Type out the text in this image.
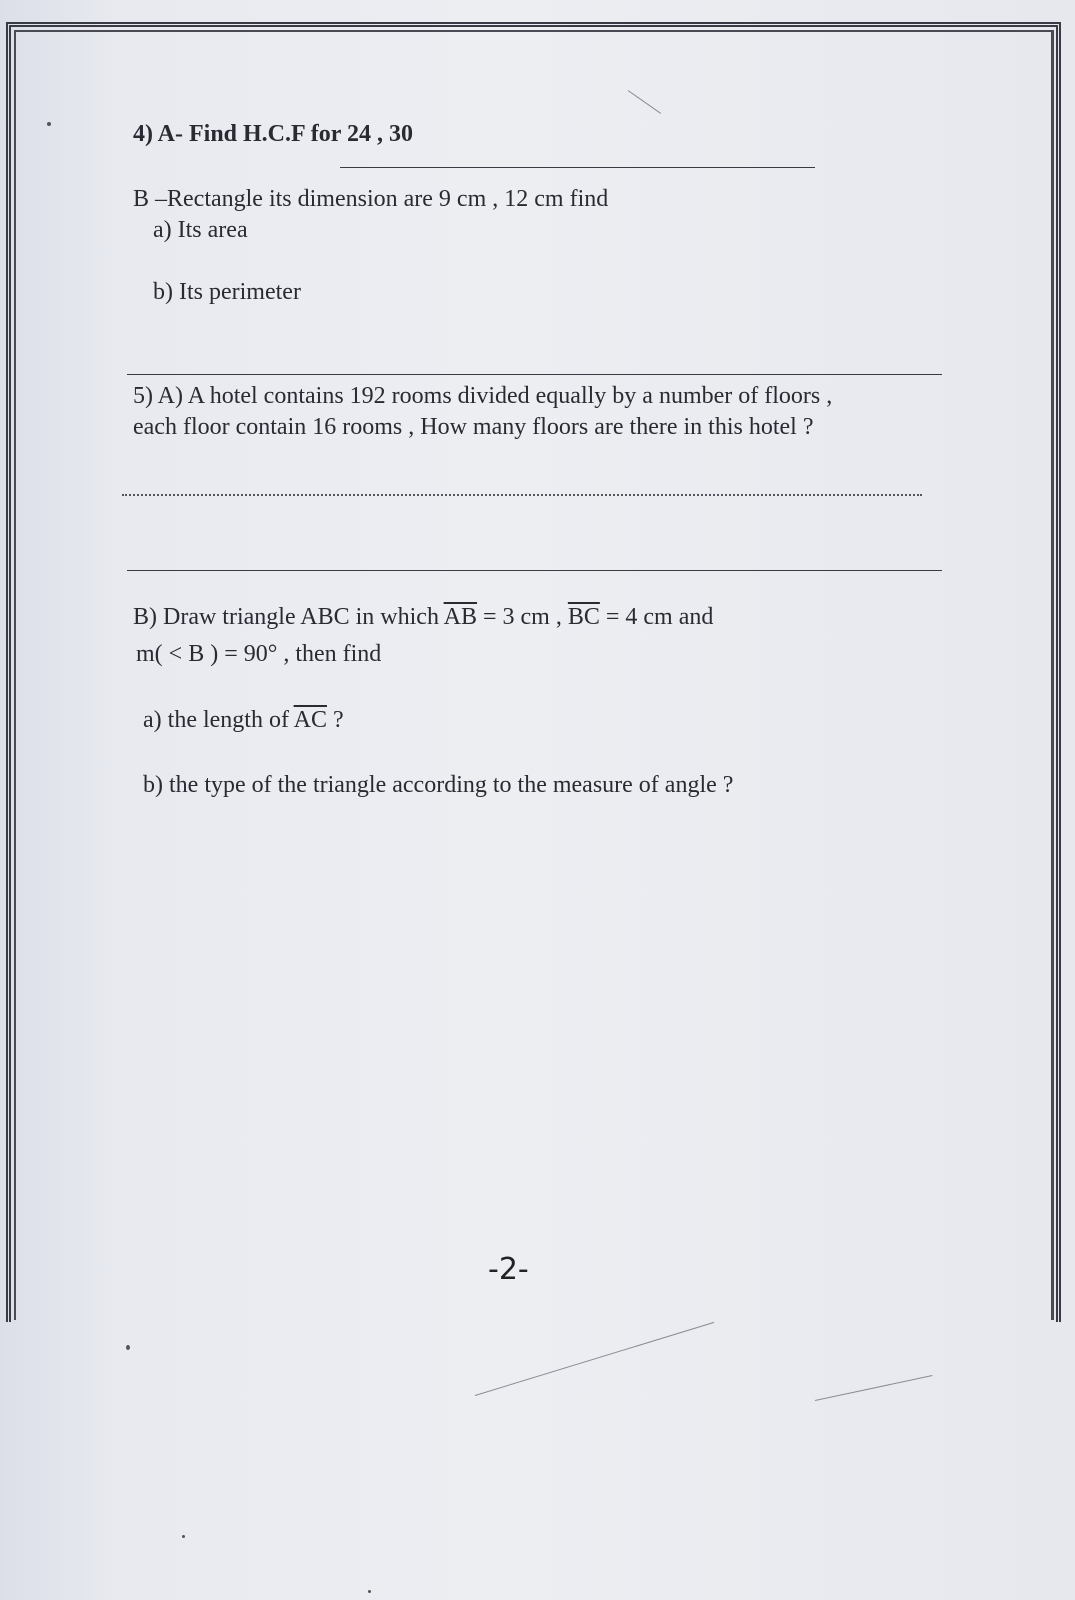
4) A- Find H.C.F for 24 , 30
B –Rectangle its dimension are 9 cm , 12 cm find
a) Its area
b) Its perimeter
5) A) A hotel contains 192 rooms divided equally by a number of floors ,
each floor contain 16 rooms , How many floors are there in this hotel ?
B) Draw triangle ABC in which $\overline{AB} = 3$ cm , $\overline{BC} = 4$ cm and
m( < B ) = 90° , then find
a) the length of $\overline{AC}$ ?
b) the type of the triangle according to the measure of angle ?
-2-
